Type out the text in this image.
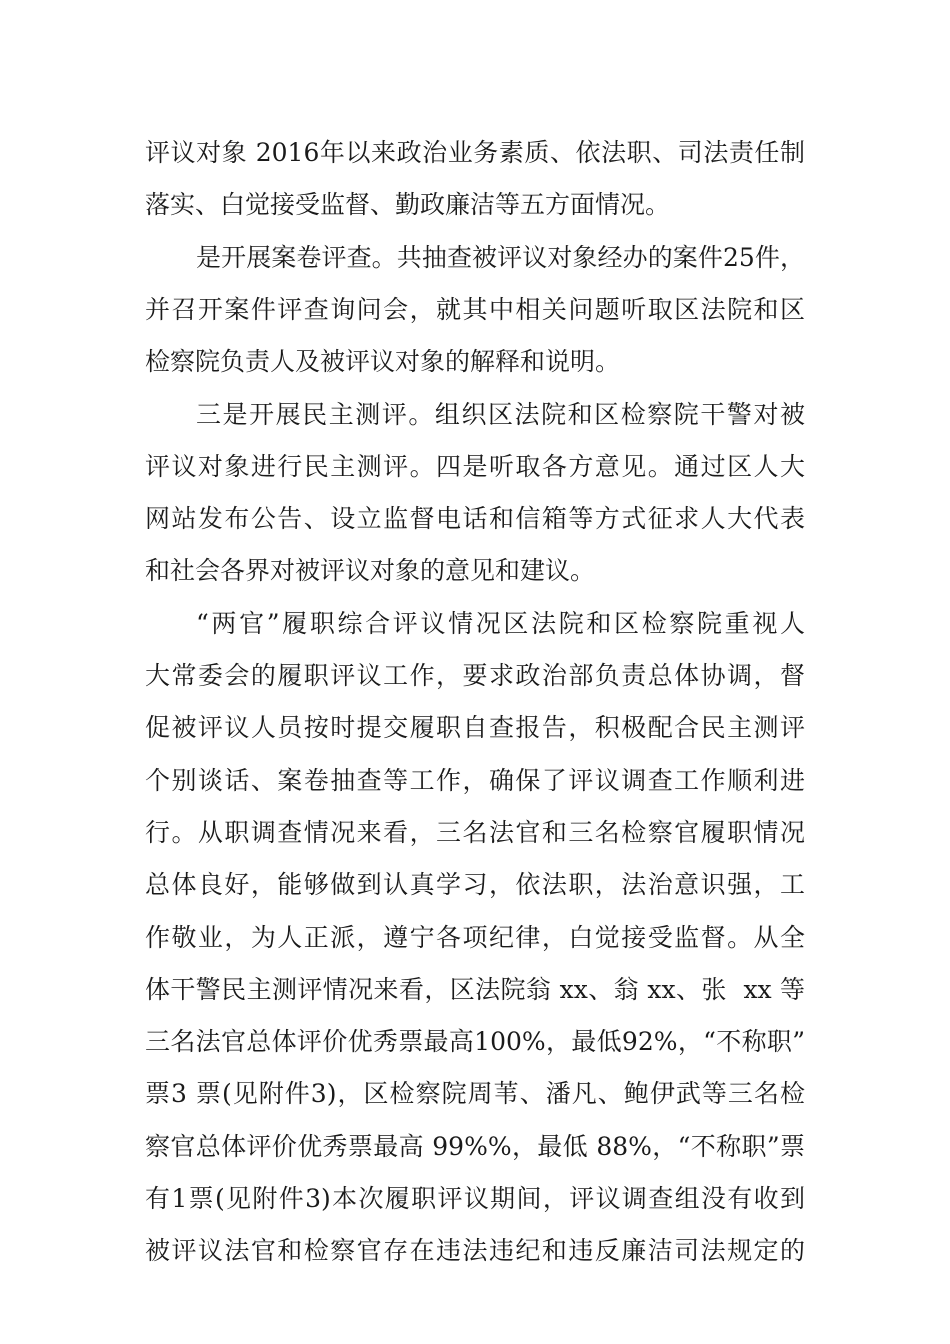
评议对象 2016年以来政治业务素质、依法职、司法责任制
落实、白觉接受监督、勤政廉洁等五方面情况。
是开展案卷评查。共抽查被评议对象经办的案件25件，
并召开案件评查询问会，就其中相关问题听取区法院和区
检察院负责人及被评议对象的解释和说明。
三是开展民主测评。组织区法院和区检察院干警对被
评议对象进行民主测评。四是听取各方意见。通过区人大
网站发布公告、设立监督电话和信箱等方式征求人大代表
和社会各界对被评议对象的意见和建议。
“两官”履职综合评议情况区法院和区检察院重视人
大常委会的履职评议工作，要求政治部负责总体协调，督
促被评议人员按时提交履职自查报告，积极配合民主测评
个别谈话、案卷抽查等工作，确保了评议调查工作顺利进
行。从职调查情况来看，三名法官和三名检察官履职情况
总体良好，能够做到认真学习，依法职，法治意识强，工
作敬业，为人正派，遵宁各项纪律，白觉接受监督。从全
体干警民主测评情况来看，区法院翁 xx、翁 xx、张  xx 等
三名法官总体评价优秀票最高100%，最低92%，“不称职”
票3 票(见附件3)，区检察院周苇、潘凡、鲍伊武等三名检
察官总体评价优秀票最高 99%%，最低 88%，“不称职”票
有1票(见附件3)本次履职评议期间，评议调查组没有收到
被评议法官和检察官存在违法违纪和违反廉洁司法规定的
